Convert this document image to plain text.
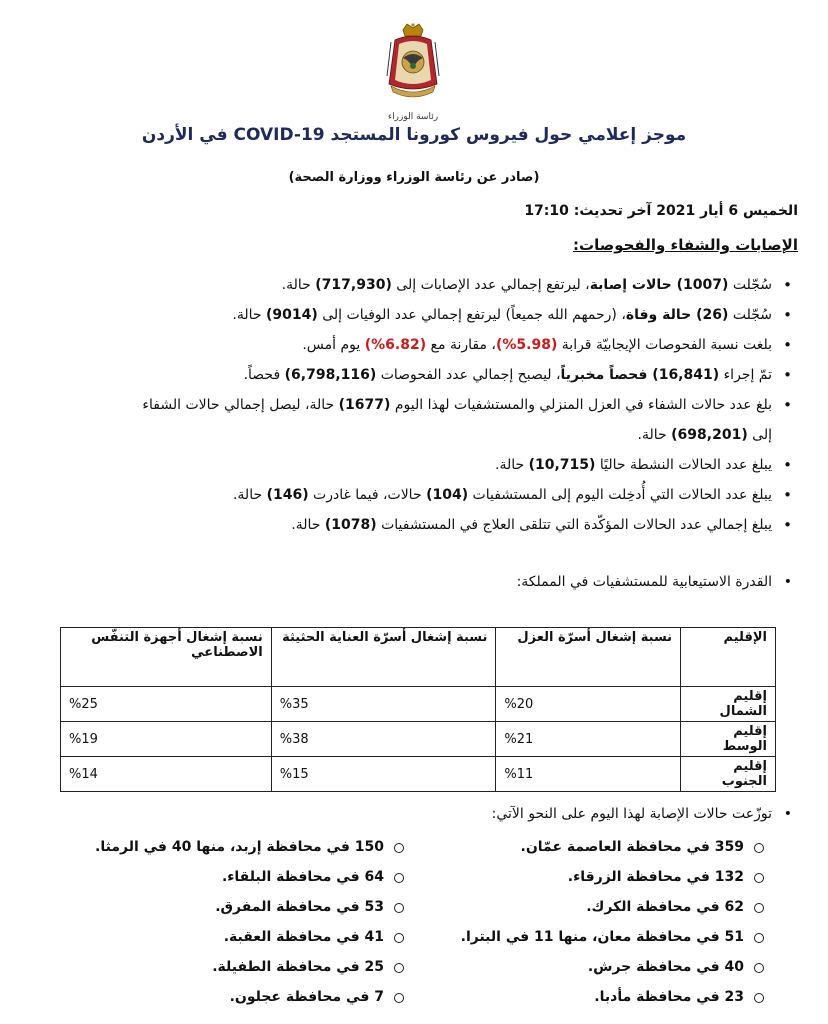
رئاسة الوزراء
موجز إعلامي حول فيروس كورونا المستجد COVID-19 في الأردن
(صادر عن رئاسة الوزراء ووزارة الصحة)
الخميس 6 أيار 2021 آخر تحديث: 17:10
الإصابات والشفاء والفحوصات:
• سُجّلت (1007) حالات إصابة، ليرتفع إجمالي عدد الإصابات إلى (717,930) حالة.
• سُجّلت (26) حالة وفاة، (رحمهم الله جميعاً) ليرتفع إجمالي عدد الوفيات إلى (9014) حالة.
• بلغت نسبة الفحوصات الإيجابيّة قرابة (5.98%)، مقارنة مع (6.82%) يوم أمس.
• تمّ إجراء (16,841) فحصاً مخبرياً، ليصبح إجمالي عدد الفحوصات (6,798,116) فحصاً.
• بلغ عدد حالات الشفاء في العزل المنزلي والمستشفيات لهذا اليوم (1677) حالة، ليصل إجمالي حالات الشفاء
إلى (698,201) حالة.
• يبلغ عدد الحالات النشطة حاليًا (10,715) حالة.
• يبلغ عدد الحالات التي أُدخِلت اليوم إلى المستشفيات (104) حالات، فيما غادرت (146) حالة.
• يبلغ إجمالي عدد الحالات المؤكّدة التي تتلقى العلاج في المستشفيات (1078) حالة.
• القدرة الاستيعابية للمستشفيات في المملكة:
الإقليم	نسبة إشغال أسرّة العزل	نسبة إشغال أسرّة العناية الحثيثة	نسبة إشغال أجهزة التنفّس الاصطناعي
إقليم الشمال	%20	%35	%25
إقليم الوسط	%21	%38	%19
إقليم الجنوب	%11	%15	%14
• توزّعت حالات الإصابة لهذا اليوم على النحو الآتي:
359 في محافظة العاصمة عمّان.
132 في محافظة الزرقاء.
62 في محافظة الكرك.
51 في محافظة معان، منها 11 في البترا.
40 في محافظة جرش.
23 في محافظة مأدبا.
150 في محافظة إربد، منها 40 في الرمثا.
64 في محافظة البلقاء.
53 في محافظة المفرق.
41 في محافظة العقبة.
25 في محافظة الطفيلة.
7 في محافظة عجلون.
